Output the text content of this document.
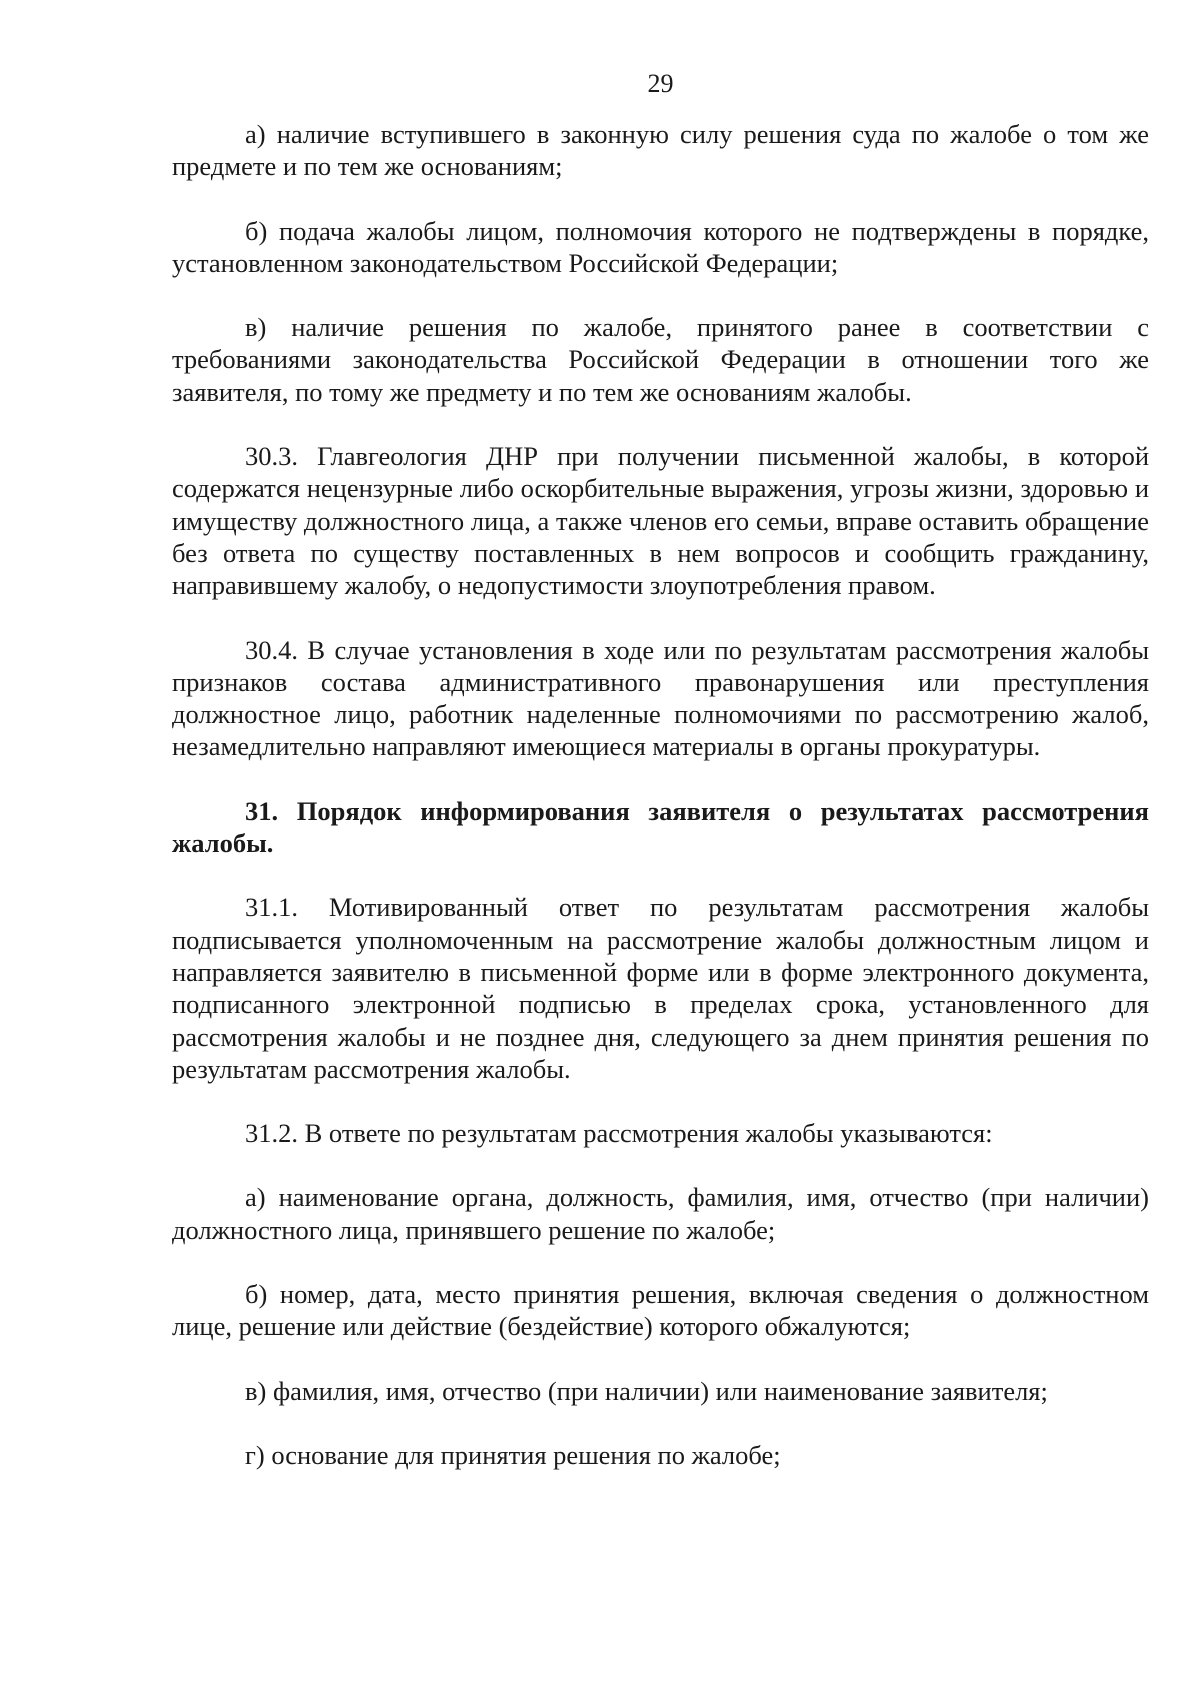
29

а) наличие вступившего в законную силу решения суда по жалобе о том же предмете и по тем же основаниям;

б) подача жалобы лицом, полномочия которого не подтверждены в порядке, установленном законодательством Российской Федерации;

в) наличие решения по жалобе, принятого ранее в соответствии с требованиями законодательства Российской Федерации в отношении того же заявителя, по тому же предмету и по тем же основаниям жалобы.

30.3. Главгеология ДНР при получении письменной жалобы, в которой содержатся нецензурные либо оскорбительные выражения, угрозы жизни, здоровью и имуществу должностного лица, а также членов его семьи, вправе оставить обращение без ответа по существу поставленных в нем вопросов и сообщить гражданину, направившему жалобу, о недопустимости злоупотребления правом.

30.4. В случае установления в ходе или по результатам рассмотрения жалобы признаков состава административного правонарушения или преступления должностное лицо, работник наделенные полномочиями по рассмотрению жалоб, незамедлительно направляют имеющиеся материалы в органы прокуратуры.

31. Порядок информирования заявителя о результатах рассмотрения жалобы.

31.1. Мотивированный ответ по результатам рассмотрения жалобы подписывается уполномоченным на рассмотрение жалобы должностным лицом и направляется заявителю в письменной форме или в форме электронного документа, подписанного электронной подписью в пределах срока, установленного для рассмотрения жалобы и не позднее дня, следующего за днем принятия решения по результатам рассмотрения жалобы.

31.2. В ответе по результатам рассмотрения жалобы указываются:

а) наименование органа, должность, фамилия, имя, отчество (при наличии) должностного лица, принявшего решение по жалобе;

б) номер, дата, место принятия решения, включая сведения о должностном лице, решение или действие (бездействие) которого обжалуются;

в) фамилия, имя, отчество (при наличии) или наименование заявителя;

г) основание для принятия решения по жалобе;
